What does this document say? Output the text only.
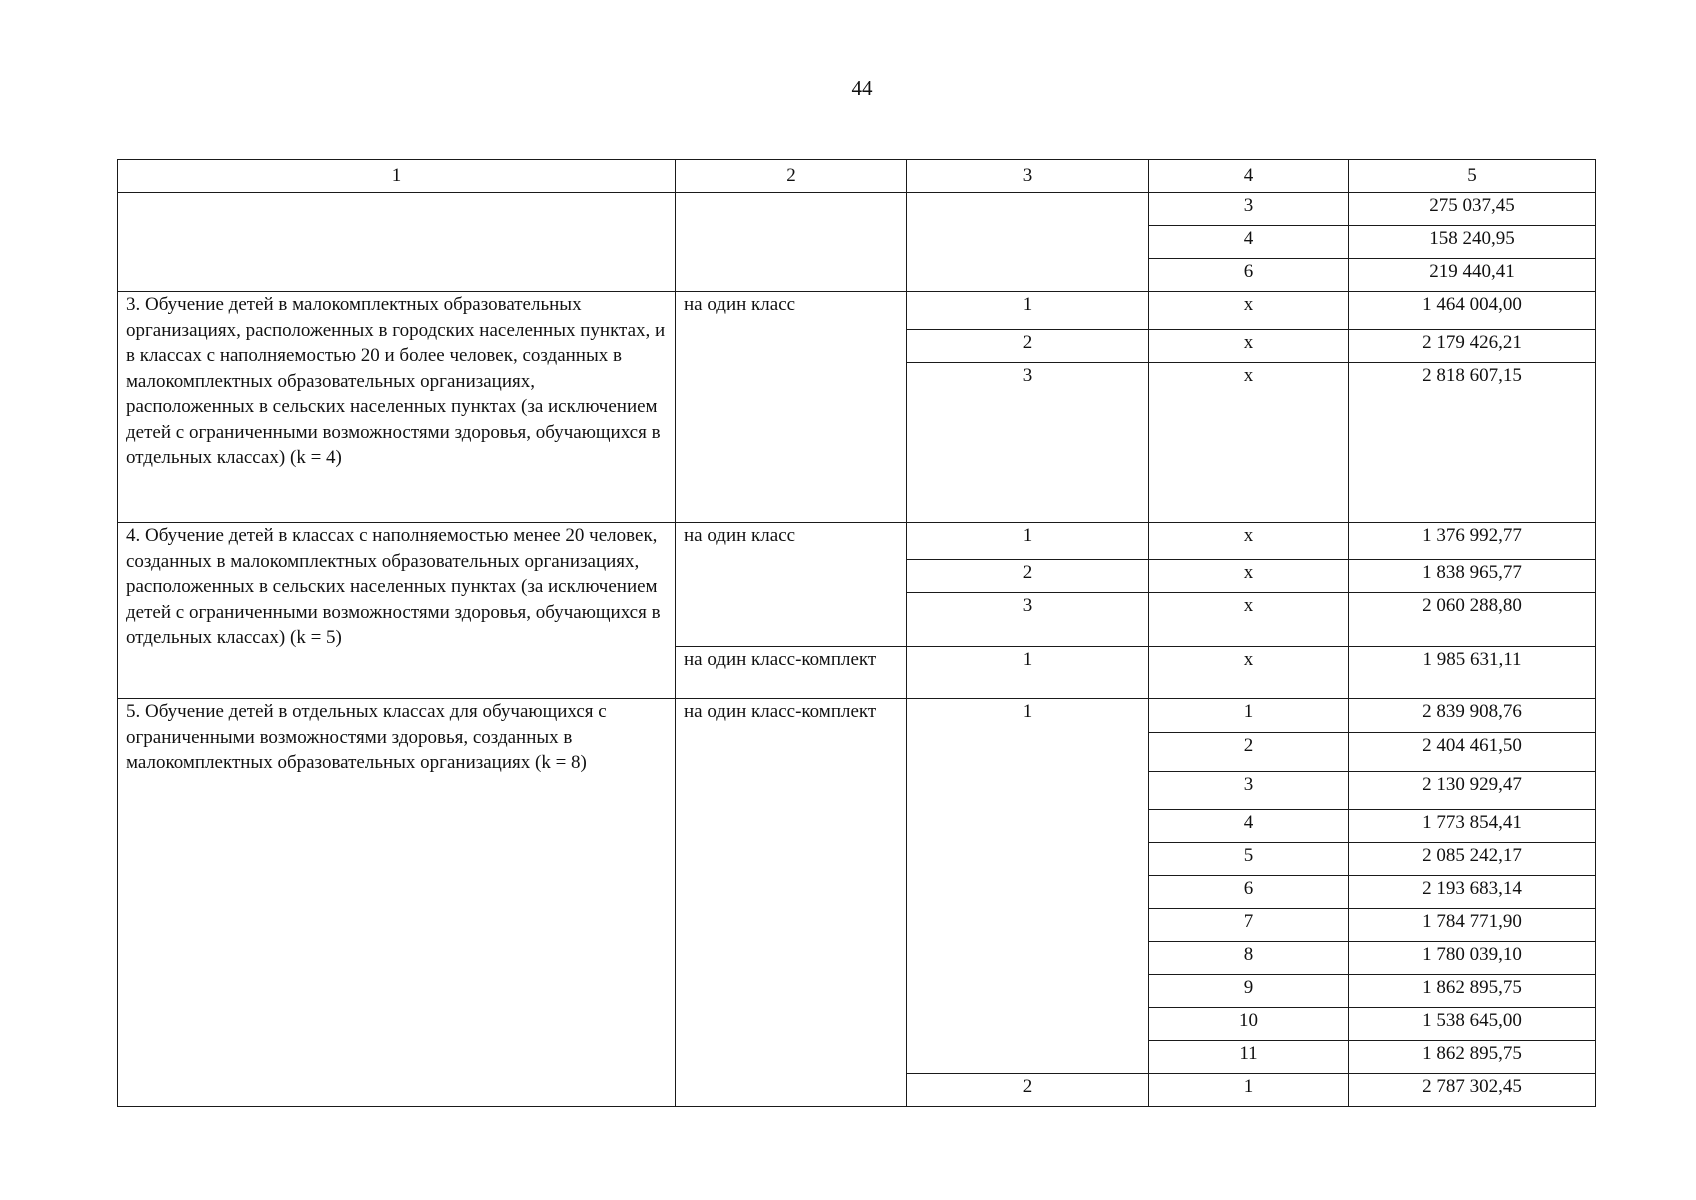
44
1	2	3	4	5
			3	275 037,45
			4	158 240,95
			6	219 440,41
3. Обучение детей в малокомплектных образовательных организациях, расположенных в городских населенных пунктах, и в классах с наполняемостью 20 и более человек, созданных в малокомплектных образовательных организациях, расположенных в сельских населенных пунктах (за исключением детей с ограниченными возможностями здоровья, обучающихся в отдельных классах) (k = 4)	на один класс	1	x	1 464 004,00
		2	x	2 179 426,21
		3	x	2 818 607,15
4. Обучение детей в классах с наполняемостью менее 20 человек, созданных в малокомплектных образовательных организациях, расположенных в сельских населенных пунктах (за исключением детей с ограниченными возможностями здоровья, обучающихся в отдельных классах) (k = 5)	на один класс	1	x	1 376 992,77
		2	x	1 838 965,77
		3	x	2 060 288,80
	на один класс-комплект	1	x	1 985 631,11
5. Обучение детей в отдельных классах для обучающихся с ограниченными возможностями здоровья, созданных в малокомплектных образовательных организациях (k = 8)	на один класс-комплект	1	1	2 839 908,76
			2	2 404 461,50
			3	2 130 929,47
			4	1 773 854,41
			5	2 085 242,17
			6	2 193 683,14
			7	1 784 771,90
			8	1 780 039,10
			9	1 862 895,75
			10	1 538 645,00
			11	1 862 895,75
		2	1	2 787 302,45
